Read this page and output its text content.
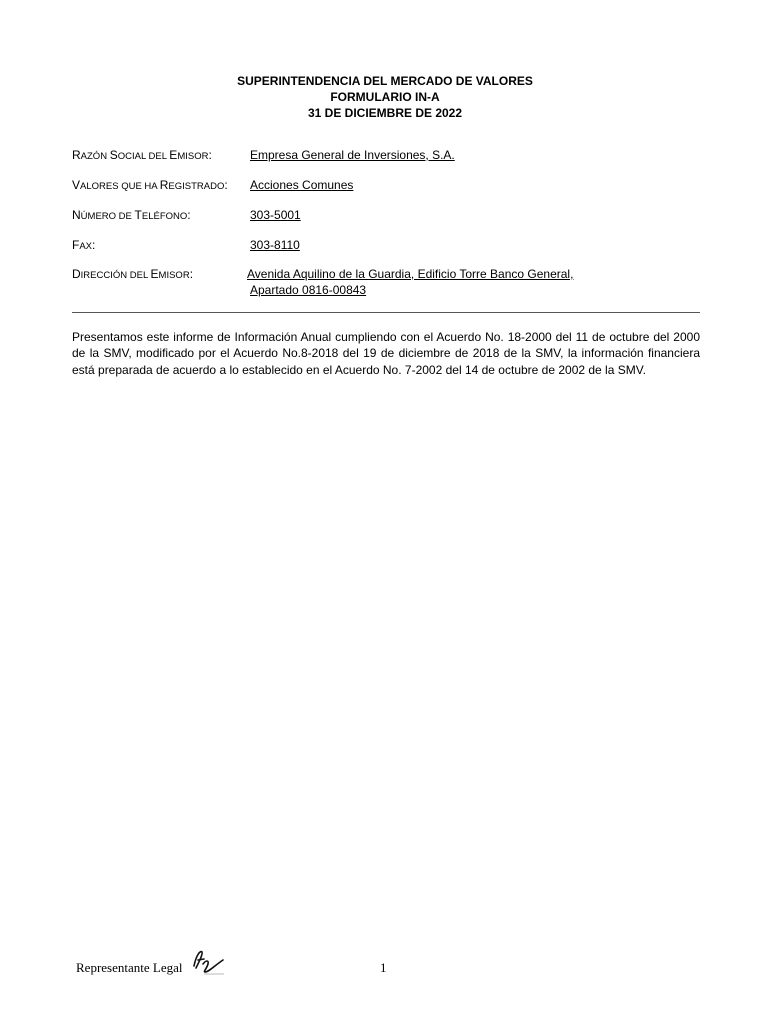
SUPERINTENDENCIA DEL MERCADO DE VALORES
FORMULARIO IN-A
31 DE DICIEMBRE DE 2022
RAZÓN SOCIAL DEL EMISOR:	Empresa General de Inversiones, S.A.
VALORES QUE HA REGISTRADO: Acciones Comunes
NÚMERO DE TELÉFONO:	303-5001
FAX:	303-8110
DIRECCIÓN DEL EMISOR:	Avenida Aquilino de la Guardia, Edificio Torre Banco General,
Apartado 0816-00843
Presentamos este informe de Información Anual cumpliendo con el Acuerdo No. 18-2000 del 11 de octubre del 2000 de la SMV, modificado por el Acuerdo No.8-2018 del 19 de diciembre de 2018 de la SMV, la información financiera está preparada de acuerdo a lo establecido en el Acuerdo No. 7-2002 del 14 de octubre de 2002 de la SMV.
Representante Legal	1
